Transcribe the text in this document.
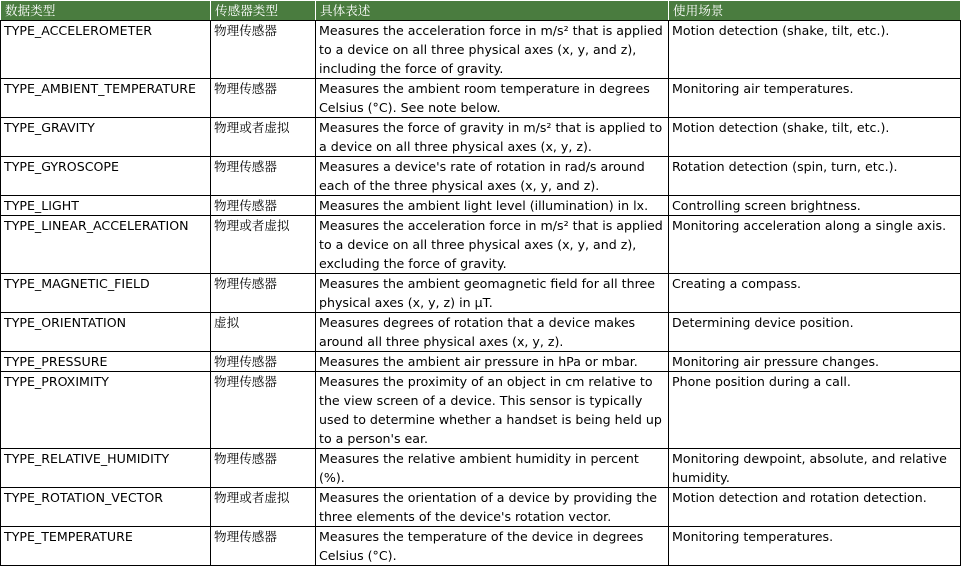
数据类型	传感器类型	具体表述	使用场景
TYPE_ACCELEROMETER	物理传感器	Measures the acceleration force in m/s² that is applied to a device on all three physical axes (x, y, and z), including the force of gravity.	Motion detection (shake, tilt, etc.).
TYPE_AMBIENT_TEMPERATURE	物理传感器	Measures the ambient room temperature in degrees Celsius (°C). See note below.	Monitoring air temperatures.
TYPE_GRAVITY	物理或者虚拟	Measures the force of gravity in m/s² that is applied to a device on all three physical axes (x, y, z).	Motion detection (shake, tilt, etc.).
TYPE_GYROSCOPE	物理传感器	Measures a device's rate of rotation in rad/s around each of the three physical axes (x, y, and z).	Rotation detection (spin, turn, etc.).
TYPE_LIGHT	物理传感器	Measures the ambient light level (illumination) in lx.	Controlling screen brightness.
TYPE_LINEAR_ACCELERATION	物理或者虚拟	Measures the acceleration force in m/s² that is applied to a device on all three physical axes (x, y, and z), excluding the force of gravity.	Monitoring acceleration along a single axis.
TYPE_MAGNETIC_FIELD	物理传感器	Measures the ambient geomagnetic field for all three physical axes (x, y, z) in μT.	Creating a compass.
TYPE_ORIENTATION	虚拟	Measures degrees of rotation that a device makes around all three physical axes (x, y, z).	Determining device position.
TYPE_PRESSURE	物理传感器	Measures the ambient air pressure in hPa or mbar.	Monitoring air pressure changes.
TYPE_PROXIMITY	物理传感器	Measures the proximity of an object in cm relative to the view screen of a device. This sensor is typically used to determine whether a handset is being held up to a person's ear.	Phone position during a call.
TYPE_RELATIVE_HUMIDITY	物理传感器	Measures the relative ambient humidity in percent (%).	Monitoring dewpoint, absolute, and relative humidity.
TYPE_ROTATION_VECTOR	物理或者虚拟	Measures the orientation of a device by providing the three elements of the device's rotation vector.	Motion detection and rotation detection.
TYPE_TEMPERATURE	物理传感器	Measures the temperature of the device in degrees Celsius (°C).	Monitoring temperatures.
